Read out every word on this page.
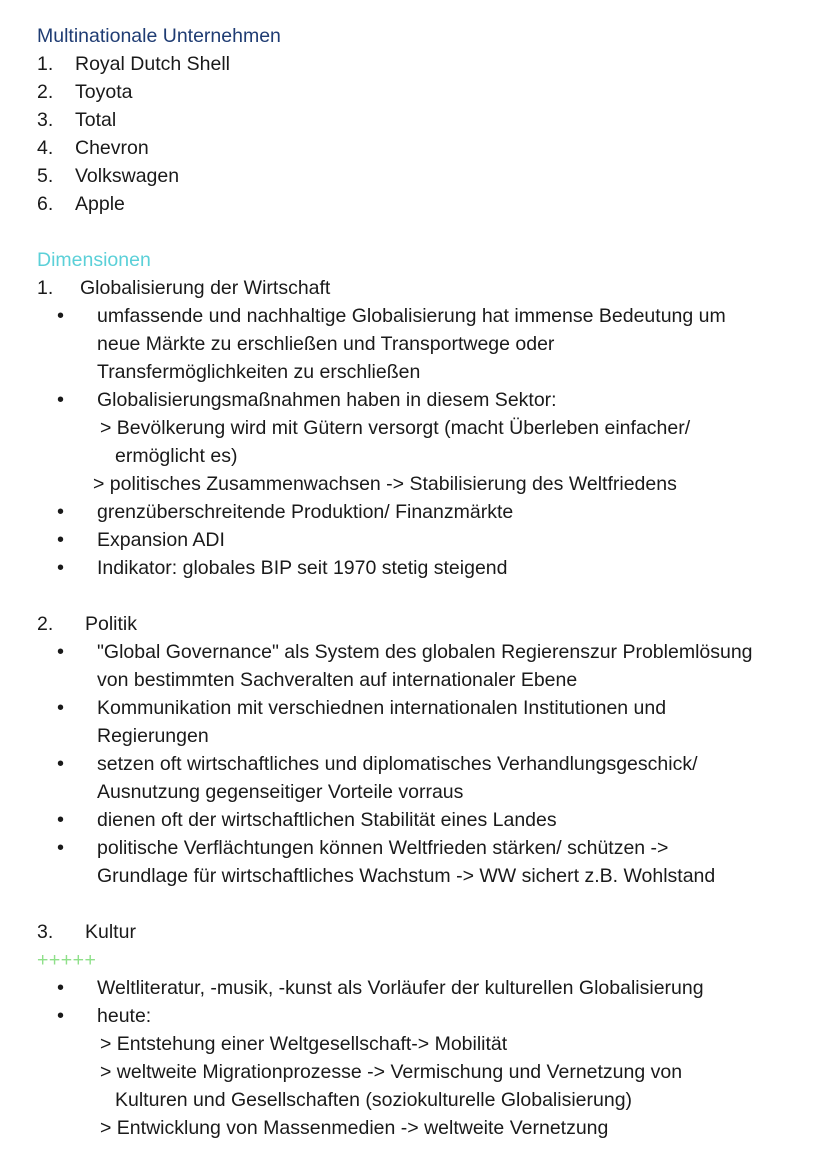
Multinationale Unternehmen
1. Royal Dutch Shell
2. Toyota
3. Total
4. Chevron
5. Volkswagen
6. Apple
Dimensionen
1. Globalisierung der Wirtschaft
• umfassende und nachhaltige Globalisierung hat immense Bedeutung um
neue Märkte zu erschließen und Transportwege oder
Transfermöglichkeiten zu erschließen
• Globalisierungsmaßnahmen haben in diesem Sektor:
> Bevölkerung wird mit Gütern versorgt (macht Überleben einfacher/
ermöglicht es)
> politisches Zusammenwachsen -> Stabilisierung des Weltfriedens
• grenzüberschreitende Produktion/ Finanzmärkte
• Expansion ADI
• Indikator: globales BIP seit 1970 stetig steigend
2. Politik
• "Global Governance" als System des globalen Regierenszur Problemlösung
von bestimmten Sachveralten auf internationaler Ebene
• Kommunikation mit verschiednen internationalen Institutionen und
Regierungen
• setzen oft wirtschaftliches und diplomatisches Verhandlungsgeschick/
Ausnutzung gegenseitiger Vorteile vorraus
• dienen oft der wirtschaftlichen Stabilität eines Landes
• politische Verflächtungen können Weltfrieden stärken/ schützen ->
Grundlage für wirtschaftliches Wachstum -> WW sichert z.B. Wohlstand
3. Kultur
+++++
• Weltliteratur, -musik, -kunst als Vorläufer der kulturellen Globalisierung
• heute:
> Entstehung einer Weltgesellschaft-> Mobilität
> weltweite Migrationprozesse -> Vermischung und Vernetzung von
Kulturen und Gesellschaften (soziokulturelle Globalisierung)
> Entwicklung von Massenmedien -> weltweite Vernetzung
